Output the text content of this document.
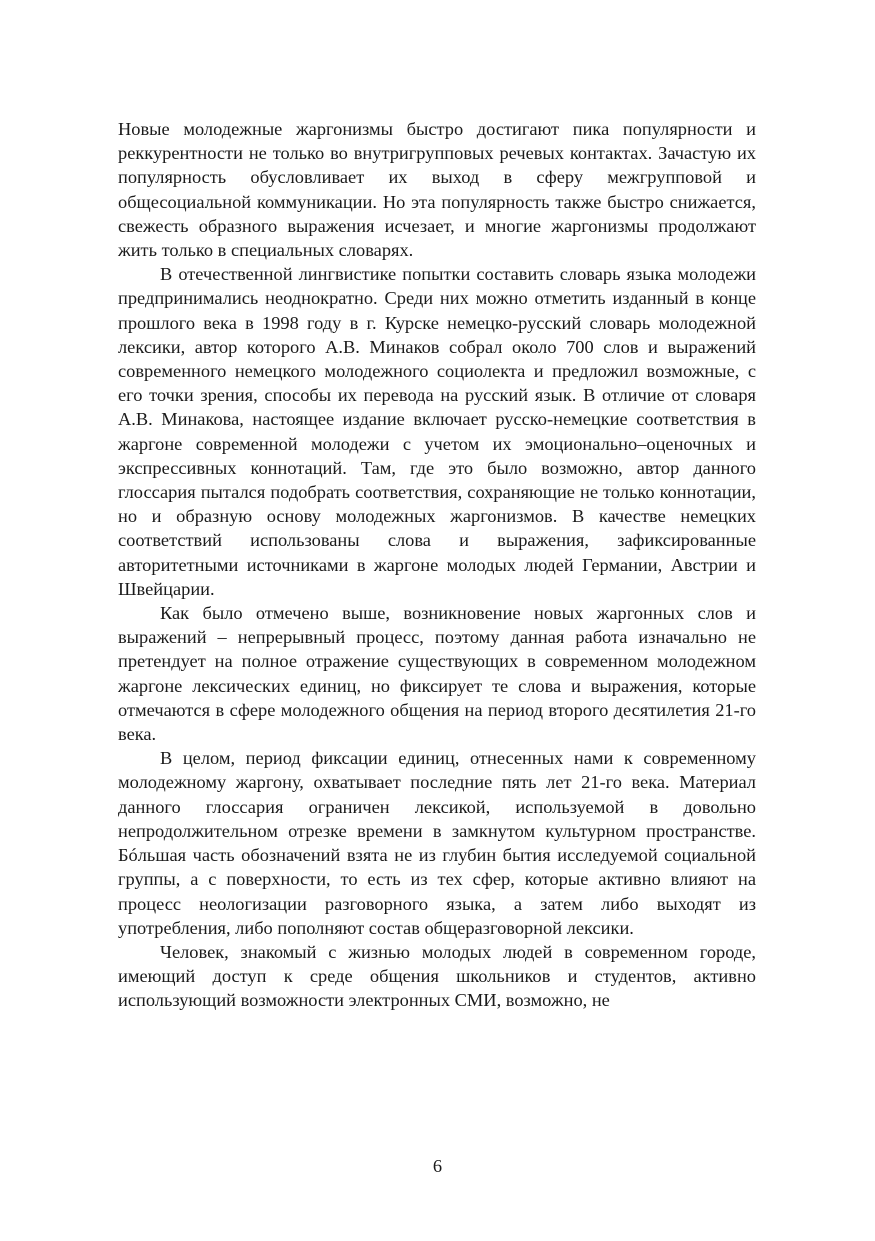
Новые молодежные жаргонизмы быстро достигают пика популярности и реккурентности не только во внутригрупповых речевых контактах. Зачастую их популярность обусловливает их выход в сферу межгрупповой и общесоциальной коммуникации. Но эта популярность также быстро снижается, свежесть образного выражения исчезает, и многие жаргонизмы продолжают жить только в специальных словарях.

В отечественной лингвистике попытки составить словарь языка молодежи предпринимались неоднократно. Среди них можно отметить изданный в конце прошлого века в 1998 году в г. Курске немецко-русский словарь молодежной лексики, автор которого А.В. Минаков собрал около 700 слов и выражений современного немецкого молодежного социолекта и предложил возможные, с его точки зрения, способы их перевода на русский язык. В отличие от словаря А.В. Минакова, настоящее издание включает русско-немецкие соответствия в жаргоне современной молодежи с учетом их эмоционально–оценочных и экспрессивных коннотаций. Там, где это было возможно, автор данного глоссария пытался подобрать соответствия, сохраняющие не только коннотации, но и образную основу молодежных жаргонизмов. В качестве немецких соответствий использованы слова и выражения, зафиксированные авторитетными источниками в жаргоне молодых людей Германии, Австрии и Швейцарии.

Как было отмечено выше, возникновение новых жаргонных слов и выражений – непрерывный процесс, поэтому данная работа изначально не претендует на полное отражение существующих в современном молодежном жаргоне лексических единиц, но фиксирует те слова и выражения, которые отмечаются в сфере молодежного общения на период второго десятилетия 21-го века.

В целом, период фиксации единиц, отнесенных нами к современному молодежному жаргону, охватывает последние пять лет 21-го века. Материал данного глоссария ограничен лексикой, используемой в довольно непродолжительном отрезке времени в замкнутом культурном пространстве. Бóльшая часть обозначений взята не из глубин бытия исследуемой социальной группы, а с поверхности, то есть из тех сфер, которые активно влияют на процесс неологизации разговорного языка, а затем либо выходят из употребления, либо пополняют состав общеразговорной лексики.

Человек, знакомый с жизнью молодых людей в современном городе, имеющий доступ к среде общения школьников и студентов, активно использующий возможности электронных СМИ, возможно, не

6
